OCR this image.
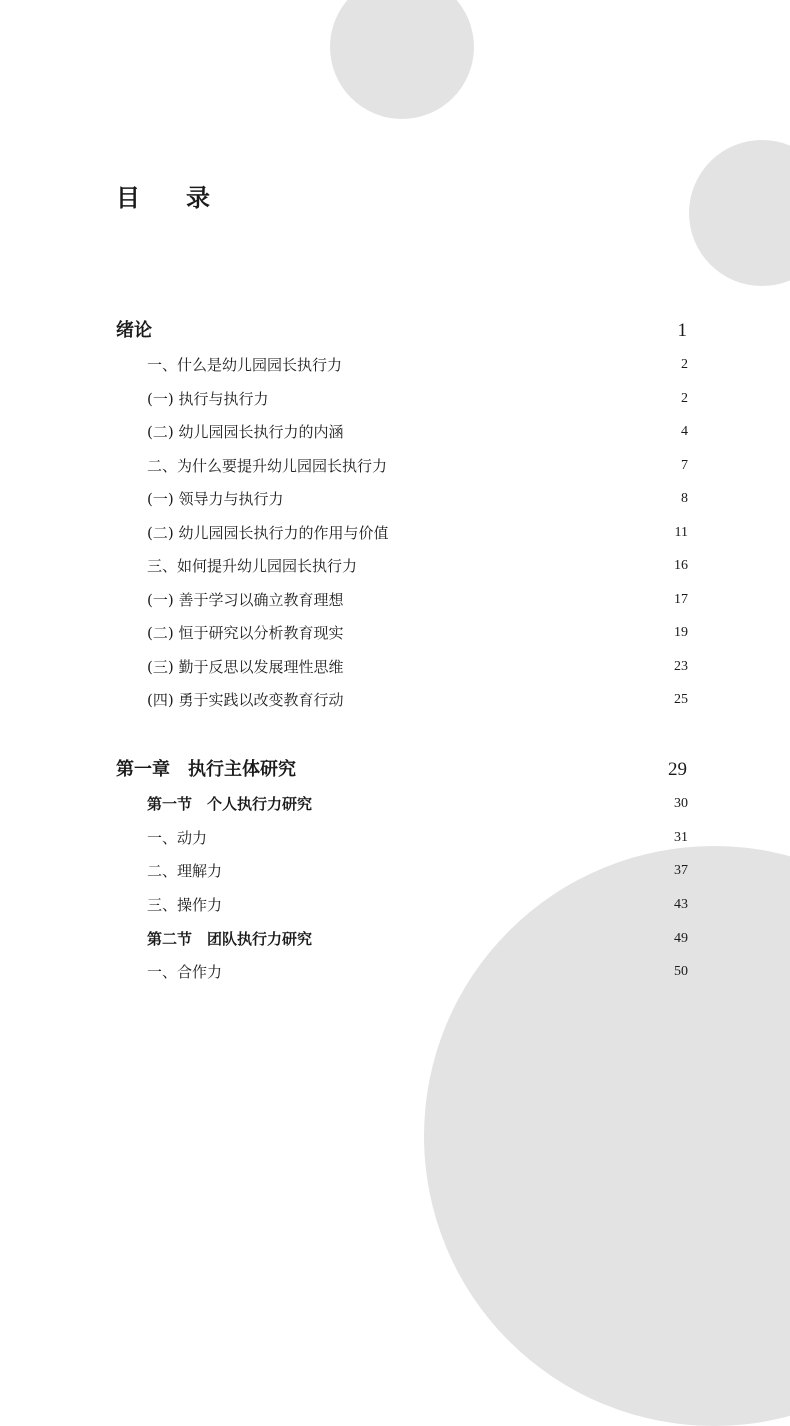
目录
绪论	1
一、什么是幼儿园园长执行力	2
(一) 执行与执行力	2
(二) 幼儿园园长执行力的内涵	4
二、为什么要提升幼儿园园长执行力	7
(一) 领导力与执行力	8
(二) 幼儿园园长执行力的作用与价值	11
三、如何提升幼儿园园长执行力	16
(一) 善于学习以确立教育理想	17
(二) 恒于研究以分析教育现实	19
(三) 勤于反思以发展理性思维	23
(四) 勇于实践以改变教育行动	25
第一章　执行主体研究	29
第一节　个人执行力研究	30
一、动力	31
二、理解力	37
三、操作力	43
第二节　团队执行力研究	49
一、合作力	50
